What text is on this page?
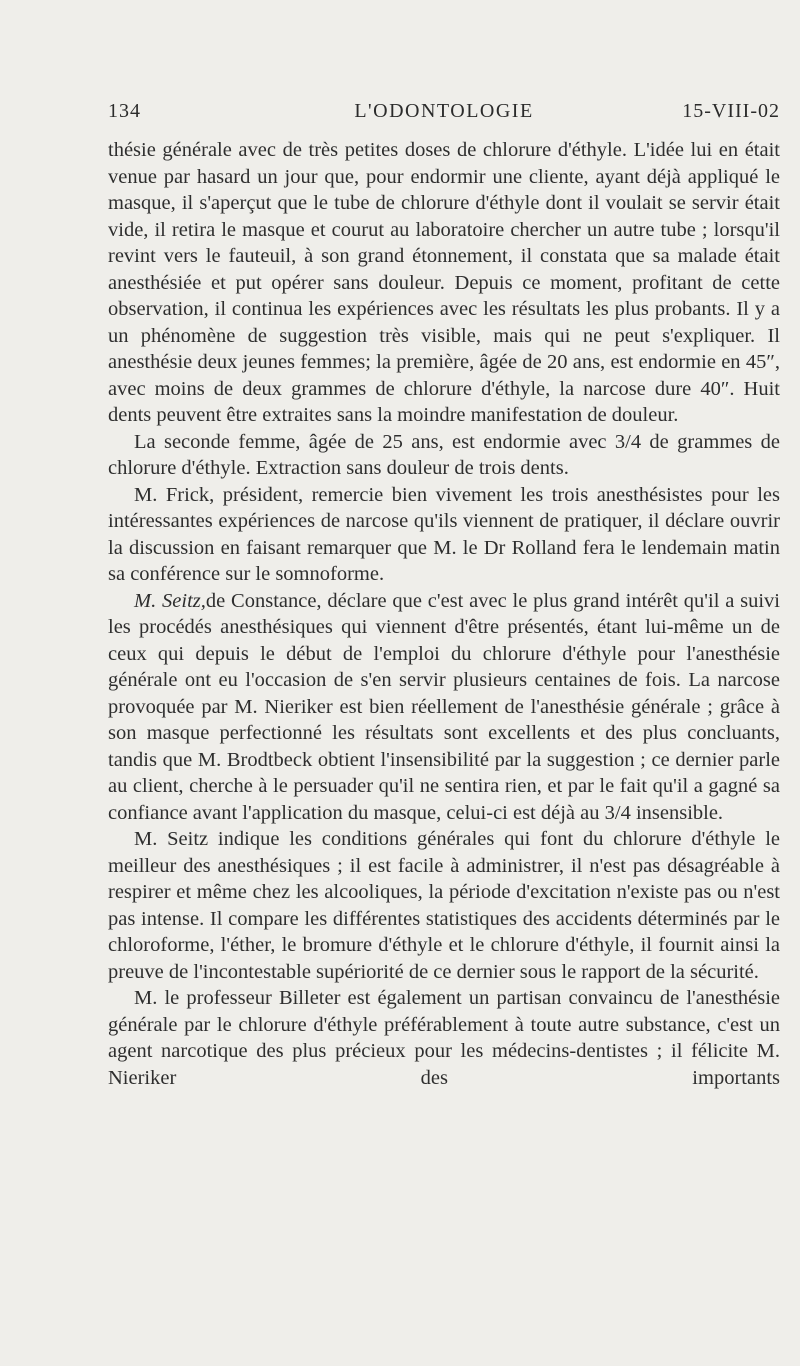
134	L'ODONTOLOGIE	15-VIII-02

thésie générale avec de très petites doses de chlorure d'éthyle. L'idée lui en était venue par hasard un jour que, pour endormir une cliente, ayant déjà appliqué le masque, il s'aperçut que le tube de chlorure d'éthyle dont il voulait se servir était vide, il retira le masque et courut au laboratoire chercher un autre tube ; lorsqu'il revint vers le fauteuil, à son grand étonnement, il constata que sa malade était anesthésiée et put opérer sans douleur. Depuis ce moment, profitant de cette observation, il continua les expériences avec les résultats les plus probants. Il y a un phénomène de suggestion très visible, mais qui ne peut s'expliquer. Il anesthésie deux jeunes femmes; la première, âgée de 20 ans, est endormie en 45″, avec moins de deux grammes de chlorure d'éthyle, la narcose dure 40″. Huit dents peuvent être extraites sans la moindre manifestation de douleur.

La seconde femme, âgée de 25 ans, est endormie avec 3/4 de grammes de chlorure d'éthyle. Extraction sans douleur de trois dents.

M. Frick, président, remercie bien vivement les trois anesthésistes pour les intéressantes expériences de narcose qu'ils viennent de pratiquer, il déclare ouvrir la discussion en faisant remarquer que M. le Dr Rolland fera le lendemain matin sa conférence sur le somnoforme.

M. Seitz,de Constance, déclare que c'est avec le plus grand intérêt qu'il a suivi les procédés anesthésiques qui viennent d'être présentés, étant lui-même un de ceux qui depuis le début de l'emploi du chlorure d'éthyle pour l'anesthésie générale ont eu l'occasion de s'en servir plusieurs centaines de fois. La narcose provoquée par M. Nieriker est bien réellement de l'anesthésie générale ; grâce à son masque perfectionné les résultats sont excellents et des plus concluants, tandis que M. Brodtbeck obtient l'insensibilité par la suggestion ; ce dernier parle au client, cherche à le persuader qu'il ne sentira rien, et par le fait qu'il a gagné sa confiance avant l'application du masque, celui-ci est déjà au 3/4 insensible.

M. Seitz indique les conditions générales qui font du chlorure d'éthyle le meilleur des anesthésiques ; il est facile à administrer, il n'est pas désagréable à respirer et même chez les alcooliques, la période d'excitation n'existe pas ou n'est pas intense. Il compare les différentes statistiques des accidents déterminés par le chloroforme, l'éther, le bromure d'éthyle et le chlorure d'éthyle, il fournit ainsi la preuve de l'incontestable supériorité de ce dernier sous le rapport de la sécurité.

M. le professeur Billeter est également un partisan convaincu de l'anesthésie générale par le chlorure d'éthyle préférablement à toute autre substance, c'est un agent narcotique des plus précieux pour les médecins-dentistes ; il félicite M. Nieriker des importants
